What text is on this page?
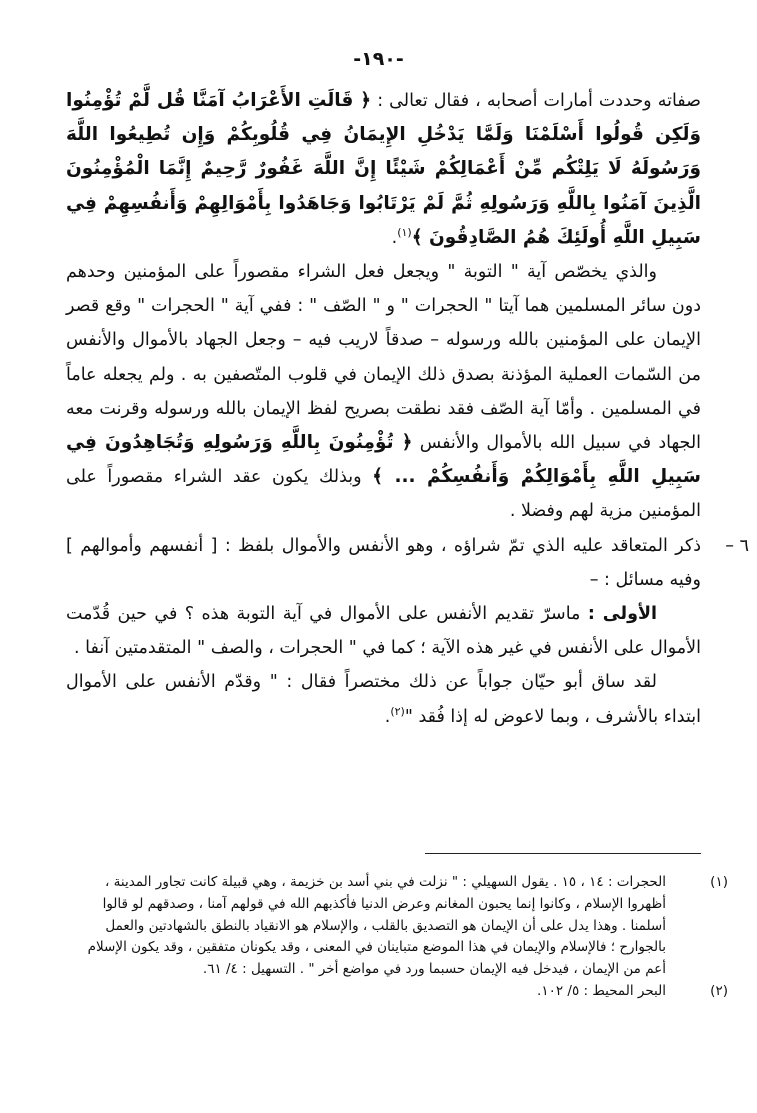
-١٩٠-

صفاته وحددت أمارات أصحابه ، فقال تعالى : ﴿ قَالَتِ الأَعْرَابُ آمَنَّا قُل لَّمْ تُؤْمِنُوا وَلَكِن قُولُوا أَسْلَمْنَا وَلَمَّا يَدْخُلِ الإِيمَانُ فِي قُلُوبِكُمْ وَإِن تُطِيعُوا اللَّهَ وَرَسُولَهُ لَا يَلِتْكُم مِّنْ أَعْمَالِكُمْ شَيْئًا إِنَّ اللَّهَ غَفُورٌ رَّحِيمٌ إِنَّمَا الْمُؤْمِنُونَ الَّذِينَ آمَنُوا بِاللَّهِ وَرَسُولِهِ ثُمَّ لَمْ يَرْتَابُوا وَجَاهَدُوا بِأَمْوَالِهِمْ وَأَنفُسِهِمْ فِي سَبِيلِ اللَّهِ أُولَئِكَ هُمُ الصَّادِقُونَ ﴾$^{(١)}$.

والذي يخصّص آية " التوبة " ويجعل فعل الشراء مقصوراً على المؤمنين وحدهم دون سائر المسلمين هما آيتا " الحجرات " و " الصّف " : ففي آية " الحجرات " وقع قصر الإيمان على المؤمنين بالله ورسوله – صدقاً لاريب فيه – وجعل الجهاد بالأموال والأنفس من السّمات العملية المؤذنة بصدق ذلك الإيمان في قلوب المتّصفين به . ولم يجعله عاماً في المسلمين . وأمّا آية الصّف فقد نطقت بصريح لفظ الإيمان بالله ورسوله وقرنت معه الجهاد في سبيل الله بالأموال والأنفس ﴿ تُؤْمِنُونَ بِاللَّهِ وَرَسُولِهِ وَتُجَاهِدُونَ فِي سَبِيلِ اللَّهِ بِأَمْوَالِكُمْ وَأَنفُسِكُمْ ... ﴾ وبذلك يكون عقد الشراء مقصوراً على المؤمنين مزية لهم وفضلا .

٦ –
ذكر المتعاقد عليه الذي تمّ شراؤه ، وهو الأنفس والأموال بلفظ : [ أنفسهم وأموالهم ] وفيه مسائل : –

الأولى : ماسرّ تقديم الأنفس على الأموال في آية التوبة هذه ؟ في حين قُدّمت الأموال على الأنفس في غير هذه الآية ؛ كما في " الحجرات ، والصف " المتقدمتين آنفا .

لقد ساق أبو حيّان جواباً عن ذلك مختصراً فقال : " وقدّم الأنفس على الأموال ابتداء بالأشرف ، وبما لاعوض له إذا فُقد "$^{(٢)}$.

(١)
الحجرات : ١٤ ، ١٥ . يقول السهيلي : " نزلت في بني أسد بن خزيمة ، وهي قبيلة كانت تجاور المدينة ، أظهروا الإسلام ، وكانوا إنما يحبون المغانم وعرض الدنيا فأكذبهم الله في قولهم آمنا ، وصدقهم لو قالوا أسلمنا . وهذا يدل على أن الإيمان هو التصديق بالقلب ، والإسلام هو الانقياد بالنطق بالشهادتين والعمل بالجوارح ؛ فالإسلام والإيمان في هذا الموضع متباينان في المعنى ، وقد يكونان متفقين ، وقد يكون الإسلام أعم من الإيمان ، فيدخل فيه الإيمان حسبما ورد في مواضع أخر " . التسهيل : ٤/ ٦١.

(٢)
البحر المحيط : ٥/ ١٠٢.
